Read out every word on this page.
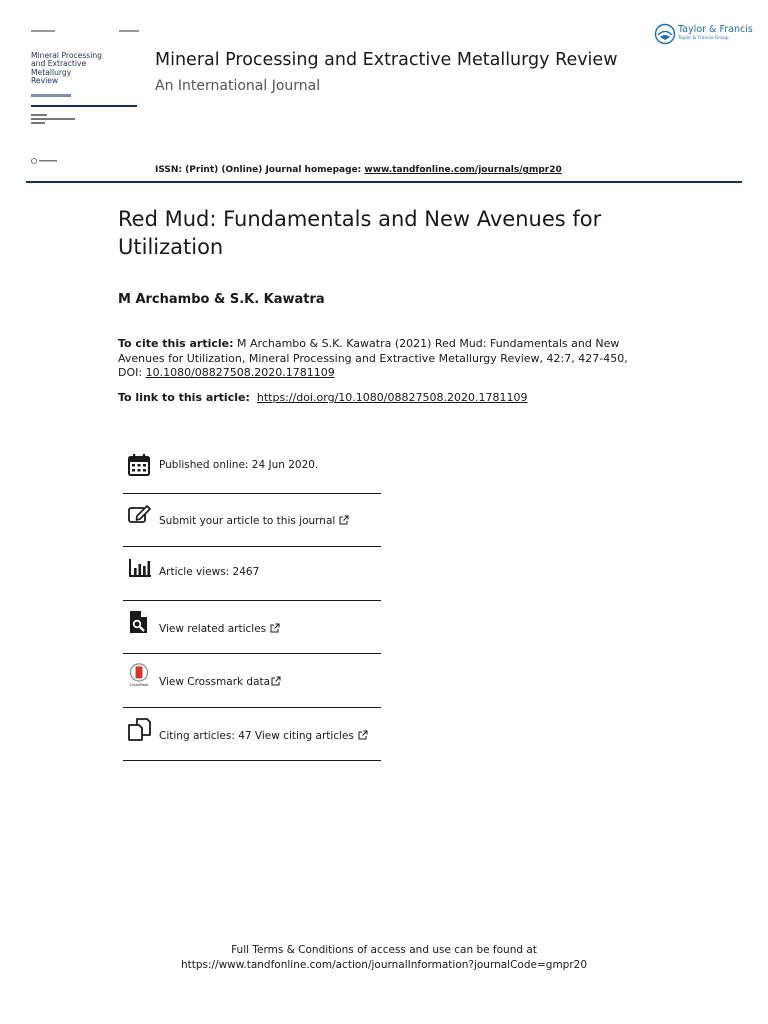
Mineral Processing
and Extractive
Metallurgy
Review
Mineral Processing and Extractive Metallurgy Review
An International Journal
ISSN: (Print) (Online) Journal homepage: www.tandfonline.com/journals/gmpr20
Taylor & Francis
Taylor & Francis Group
Red Mud: Fundamentals and New Avenues for Utilization
M Archambo & S.K. Kawatra
To cite this article: M Archambo & S.K. Kawatra (2021) Red Mud: Fundamentals and New Avenues for Utilization, Mineral Processing and Extractive Metallurgy Review, 42:7, 427-450, DOI: 10.1080/08827508.2020.1781109
To link to this article: https://doi.org/10.1080/08827508.2020.1781109
Published online: 24 Jun 2020.
Submit your article to this journal
Article views: 2467
View related articles
CrossMark View Crossmark data
Citing articles: 47 View citing articles
Full Terms & Conditions of access and use can be found at
https://www.tandfonline.com/action/journalInformation?journalCode=gmpr20
